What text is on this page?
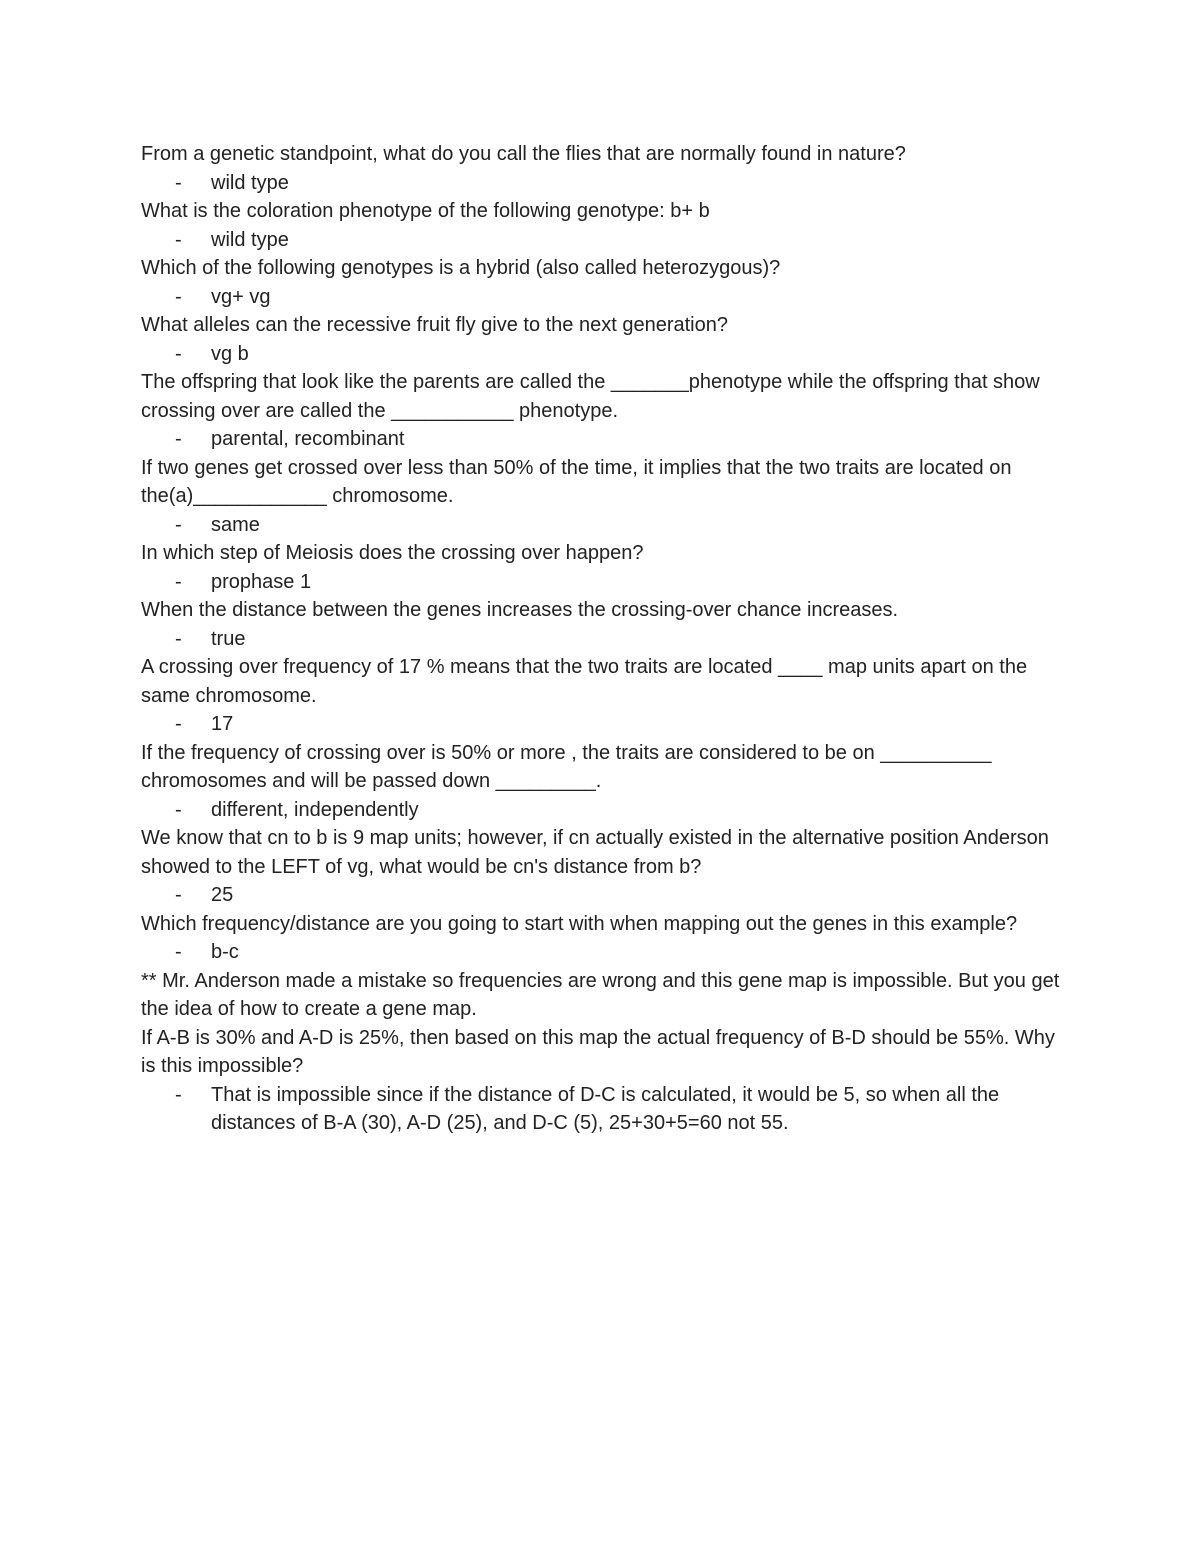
From a genetic standpoint, what do you call the flies that are normally found in nature?

-	wild type

What is the coloration phenotype of the following genotype: b+ b

-	wild type

Which of the following genotypes is a hybrid (also called heterozygous)?

-	vg+ vg

What alleles can the recessive fruit fly give to the next generation?

-	vg b

The offspring that look like the parents are called the _______phenotype while the offspring that show crossing over are called the ___________ phenotype.

-	parental, recombinant

If two genes get crossed over less than 50% of the time, it implies that the two traits are located on the(a)____________ chromosome.

-	same

In which step of Meiosis does the crossing over happen?

-	prophase 1

When the distance between the genes increases the crossing-over chance increases.

-	true

A crossing over frequency of 17 % means that the two traits are located ____ map units apart on the same chromosome.

-	17

If the frequency of crossing over is 50% or more , the traits are considered to be on __________ chromosomes and will be passed down _________.

-	different, independently

We know that cn to b is 9 map units; however, if cn actually existed in the alternative position Anderson showed to the LEFT of vg, what would be cn's distance from b?

-	25

Which frequency/distance are you going to start with when mapping out the genes in this example?

-	b-c

** Mr. Anderson made a mistake so frequencies are wrong and this gene map is impossible. But you get the idea of how to create a gene map.

If A-B is 30% and A-D is 25%, then based on this map the actual frequency of B-D should be 55%. Why is this impossible?

-	That is impossible since if the distance of D-C is calculated, it would be 5, so when all the distances of B-A (30), A-D (25), and D-C (5), 25+30+5=60 not 55.
